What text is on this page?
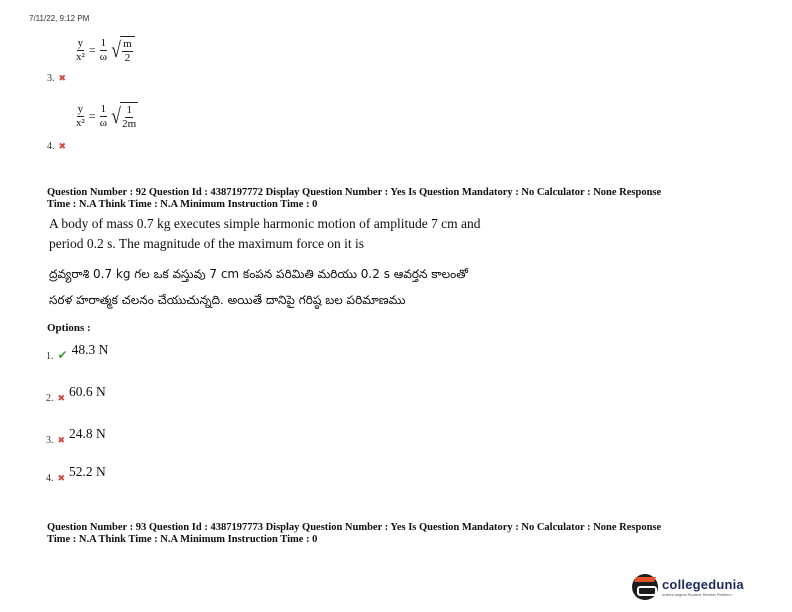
7/11/22, 9:12 PM
$\frac{y}{\text{x²}} = \frac{1}{\omega}$ √ $\frac{m}{2}$
3. ✖
$\frac{y}{\text{x²}} = \frac{1}{\omega}$ √ $\frac{1}{2m}$
4. ✖
Question Number : 92 Question Id : 4387197772 Display Question Number : Yes Is Question Mandatory : No Calculator : None Response
Time : N.A Think Time : N.A Minimum Instruction Time : 0
A body of mass 0.7 kg executes simple harmonic motion of amplitude 7 cm and
period 0.2 s. The magnitude of the maximum force on it is
ద్రవ్యరాశి 0.7 kg గల ఒక వస్తువు 7 cm కంపన పరిమితి మరియు 0.2 s ఆవర్తన కాలంతో
సరళ హరాత్మక చలనం చేయుచున్నది. అయితే దానిపై గరిష్ఠ బల పరిమాణము
Options :
1. ✔ 48.3 N
2. ✖ 60.6 N
3. ✖ 24.8 N
4. ✖ 52.2 N
Question Number : 93 Question Id : 4387197773 Display Question Number : Yes Is Question Mandatory : No Calculator : None Response
Time : N.A Think Time : N.A Minimum Instruction Time : 0
collegedunia
India's largest Student Review Platform
